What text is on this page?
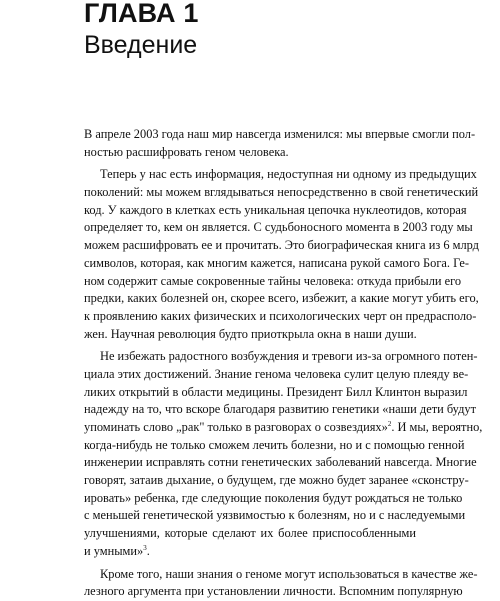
ГЛАВА 1
Введение
В апреле 2003 года наш мир навсегда изменился: мы впервые смогли пол-
ностью расшифровать геном человека.
Теперь у нас есть информация, недоступная ни одному из предыдущих
поколений: мы можем вглядываться непосредственно в свой генетический
код. У каждого в клетках есть уникальная цепочка нуклеотидов, которая
определяет то, кем он является. С судьбоносного момента в 2003 году мы
можем расшифровать ее и прочитать. Это биографическая книга из 6 млрд
символов, которая, как многим кажется, написана рукой самого Бога. Ге-
ном содержит самые сокровенные тайны человека: откуда прибыли его
предки, каких болезней он, скорее всего, избежит, а какие могут убить его,
к проявлению каких физических и психологических черт он предрасполо-
жен. Научная революция будто приоткрыла окна в наши души.
Не избежать радостного возбуждения и тревоги из-за огромного потен-
циала этих достижений. Знание генома человека сулит целую плеяду ве-
ликих открытий в области медицины. Президент Билл Клинтон выразил
надежду на то, что вскоре благодаря развитию генетики «наши дети будут
упоминать слово „рак" только в разговорах о созвездиях»$^2$. И мы, вероятно,
когда-нибудь не только сможем лечить болезни, но и с помощью генной
инженерии исправлять сотни генетических заболеваний навсегда. Многие
говорят, затаив дыхание, о будущем, где можно будет заранее «сконстру-
ировать» ребенка, где следующие поколения будут рождаться не только
с меньшей генетической уязвимостью к болезням, но и с наследуемыми
улучшениями, которые сделают их более приспособленными
и умными»$^3$.
Кроме того, наши знания о геноме могут использоваться в качестве же-
лезного аргумента при установлении личности. Вспомним популярную
